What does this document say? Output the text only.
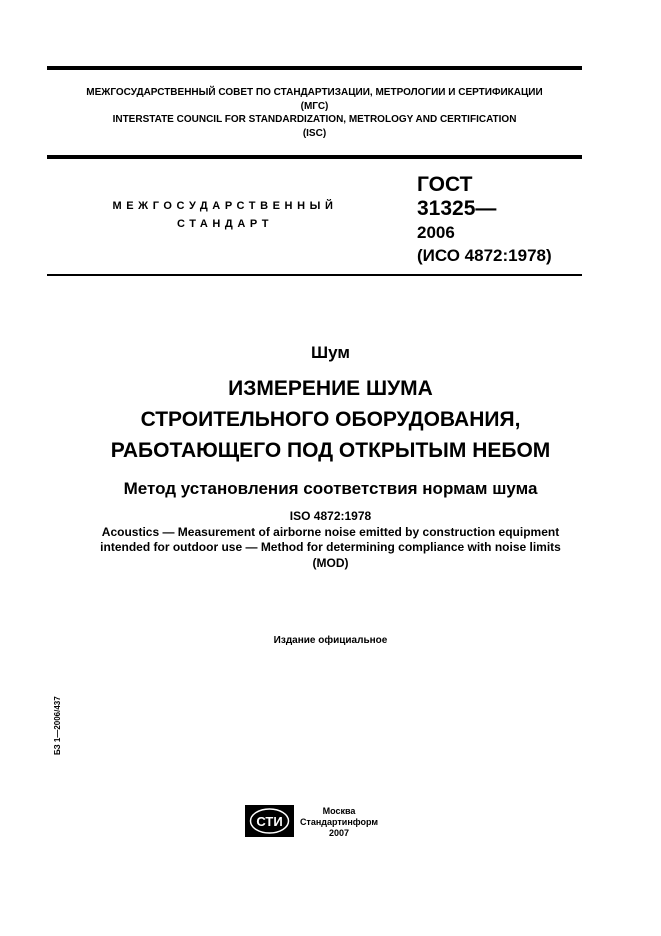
МЕЖГОСУДАРСТВЕННЫЙ СОВЕТ ПО СТАНДАРТИЗАЦИИ, МЕТРОЛОГИИ И СЕРТИФИКАЦИИ
(МГС)
INTERSTATE COUNCIL FOR STANDARDIZATION, METROLOGY AND CERTIFICATION
(ISC)
МЕЖГОСУДАРСТВЕННЫЙ
СТАНДАРТ
ГОСТ
31325—
2006
(ИСО 4872:1978)
Шум
ИЗМЕРЕНИЕ ШУМА
СТРОИТЕЛЬНОГО ОБОРУДОВАНИЯ,
РАБОТАЮЩЕГО ПОД ОТКРЫТЫМ НЕБОМ
Метод установления соответствия нормам шума
ISO 4872:1978
Acoustics — Measurement of airborne noise emitted by construction equipment
intended for outdoor use — Method for determining compliance with noise limits
(MOD)
Издание официальное
БЗ 1—2006/437
СТИ
Москва
Стандартинформ
2007
